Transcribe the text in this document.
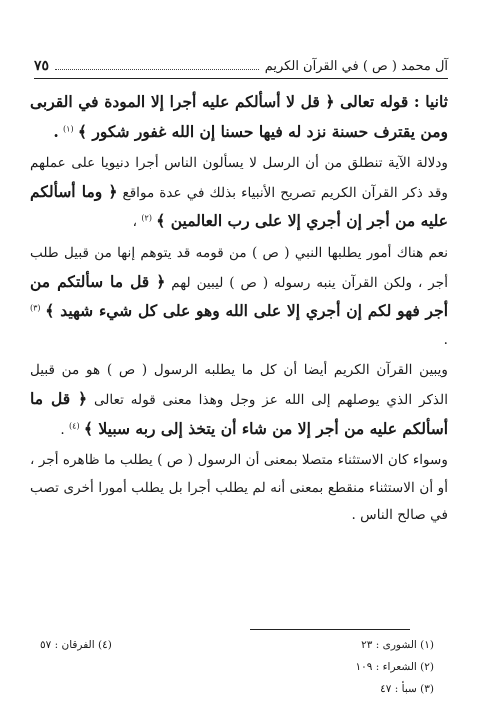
آل محمد ( ص ) في القرآن الكريم
٧٥

ثانيا : قوله تعالى ﴿ قل لا أسألكم عليه أجرا إلا المودة في القربى ومن يقترف حسنة نزد له فيها حسنا إن الله غفور شكور ﴾ $^{(١)}$ .

ودلالة الآية تنطلق من أن الرسل لا يسألون الناس أجرا دنيويا على عملهم وقد ذكر القرآن الكريم تصريح الأنبياء بذلك في عدة مواقع ﴿ وما أسألكم عليه من أجر إن أجري إلا على رب العالمين ﴾ $^{(٢)}$ ،

نعم هناك أمور يطلبها النبي ( ص ) من قومه قد يتوهم إنها من قبيل طلب أجر ، ولكن القرآن ينبه رسوله ( ص ) ليبين لهم ﴿ قل ما سألتكم من أجر فهو لكم إن أجري إلا على الله وهو على كل شيء شهيد ﴾ $^{(٣)}$ .

ويبين القرآن الكريم أيضا أن كل ما يطلبه الرسول ( ص ) هو من قبيل الذكر الذي يوصلهم إلى الله عز وجل وهذا معنى قوله تعالى ﴿ قل ما أسألكم عليه من أجر إلا من شاء أن يتخذ إلى ربه سبيلا ﴾ $^{(٤)}$ .

وسواء كان الاستثناء متصلا بمعنى أن الرسول ( ص ) يطلب ما ظاهره أجر ، أو أن الاستثناء منقطع بمعنى أنه لم يطلب أجرا بل يطلب أمورا أخرى تصب في صالح الناس .

(١) الشورى : ٢٣
(٤) الفرقان : ٥٧
(٢) الشعراء : ١٠٩
(٣) سبأ : ٤٧
